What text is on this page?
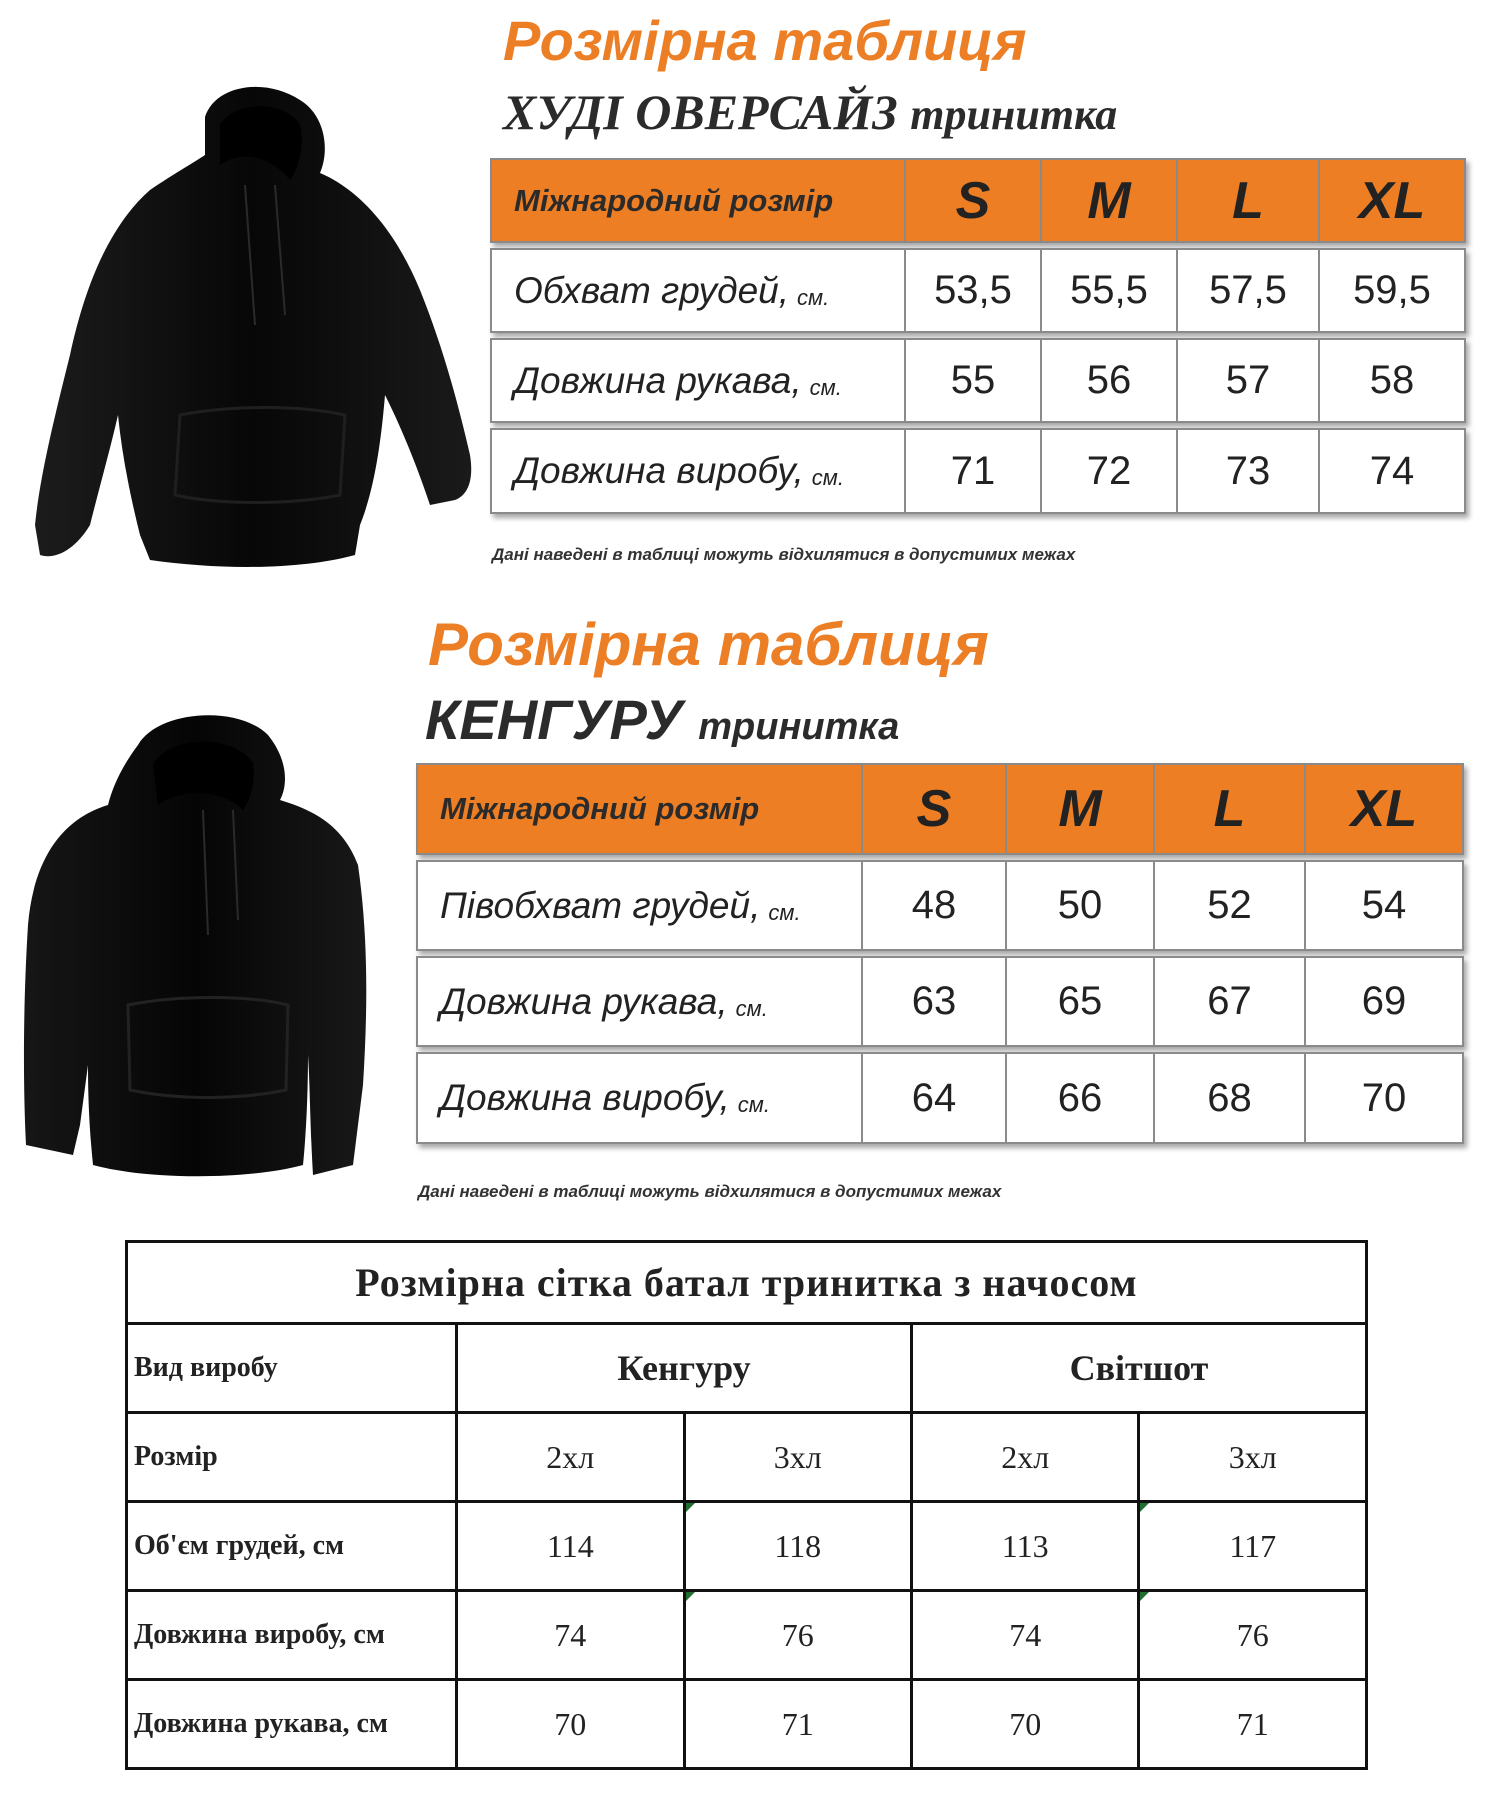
Розмірна таблиця
ХУДІ ОВЕРСАЙЗ тринитка
Міжнародний розмір	S	M	L	XL
Обхват грудей, см.	53,5	55,5	57,5	59,5
Довжина рукава, см.	55	56	57	58
Довжина виробу, см.	71	72	73	74
Дані наведені в таблиці можуть відхилятися в допустимих межах
Розмірна таблиця
КЕНГУРУ тринитка
Міжнародний розмір	S	M	L	XL
Півобхват грудей, см.	48	50	52	54
Довжина рукава, см.	63	65	67	69
Довжина виробу, см.	64	66	68	70
Дані наведені в таблиці можуть відхилятися в допустимих межах
Розмірна сітка батал тринитка з начосом				
Вид виробу	Кенгуру		Світшот	
Розмір	2хл	3хл	2хл	3хл
Об'єм грудей, см	114	118	113	117
Довжина виробу, см	74	76	74	76
Довжина рукава, см	70	71	70	71
